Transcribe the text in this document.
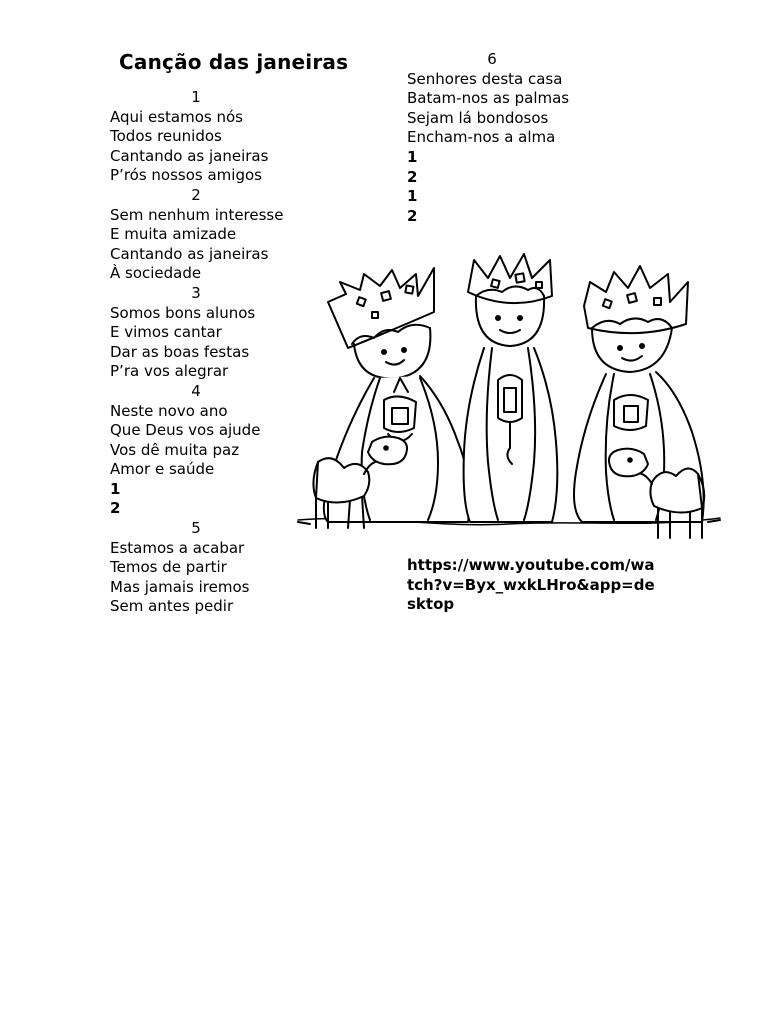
Canção das janeiras
1
Aqui estamos nós
Todos reunidos
Cantando as janeiras
P’rós nossos amigos
2
Sem nenhum interesse
E muita amizade
Cantando as janeiras
À sociedade
3
Somos bons alunos
E vimos cantar
Dar as boas festas
P’ra vos alegrar
4
Neste novo ano
Que Deus vos ajude
Vos dê muita paz
Amor e saúde
1
2
5
Estamos a acabar
Temos de partir
Mas jamais iremos
Sem antes pedir
6
Senhores desta casa
Batam-nos as palmas
Sejam lá bondosos
Encham-nos a alma
1
2
1
2
https://www.youtube.com/watch?v=Byx_wxkLHro&app=desktop
